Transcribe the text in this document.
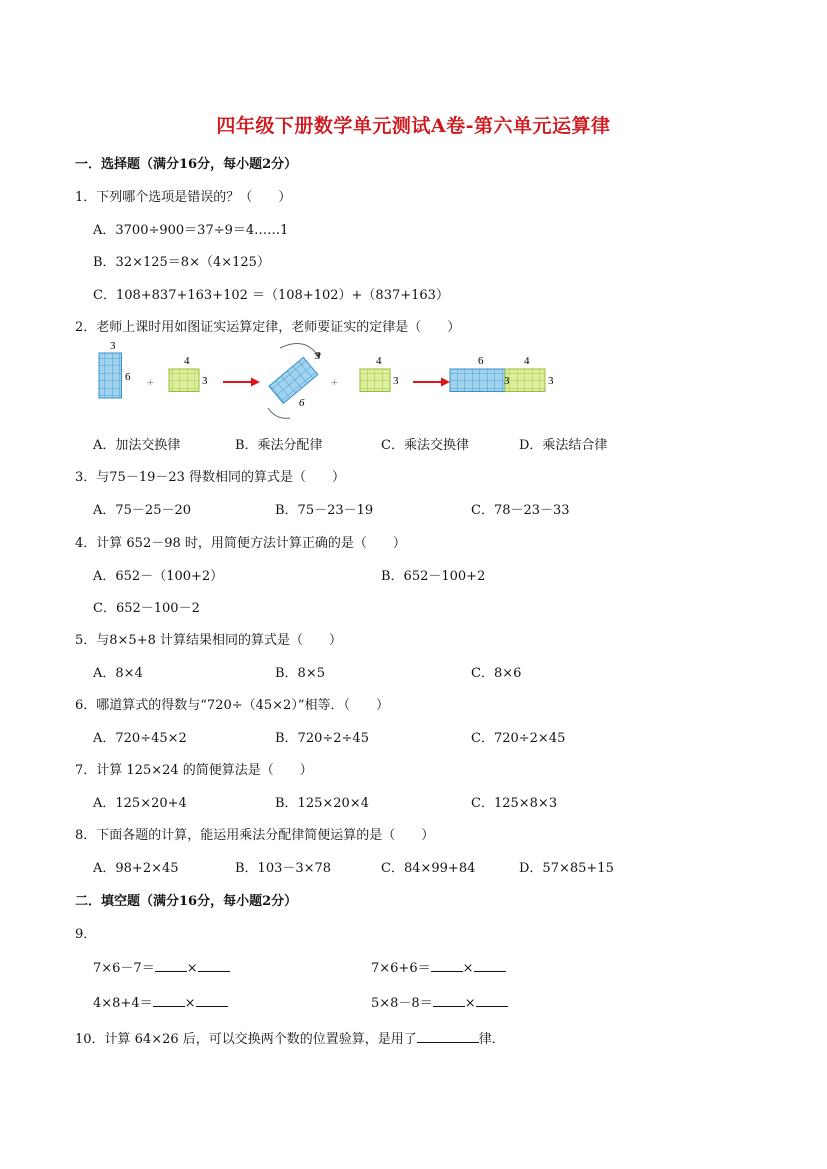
四年级下册数学单元测试A卷-第六单元运算律
一．选择题（满分16分，每小题2分）
1．下列哪个选项是错误的？（　　）
A．3700÷900＝37÷9＝4……1
B．32×125＝8×（4×125）
C．108+837+163+102 ＝（108+102）+（837+163）
2．老师上课时用如图证实运算定律，老师要证实的定律是（　　）
3
6 +
4
3
3
6
+
4
3
6	4
3	3
A．加法交换律	B．乘法分配律	C．乘法交换律	D．乘法结合律
3．与75－19－23 得数相同的算式是（　　）
A．75－25－20	B．75－23－19	C．78－23－33
4．计算 652－98 时，用简便方法计算正确的是（　　）
A．652－（100+2）	B．652－100+2
C．652－100－2
5．与8×5+8 计算结果相同的算式是（　　）
A．8×4	B．8×5	C．8×6
6．哪道算式的得数与“720÷（45×2）”相等．（　　）
A．720÷45×2	B．720÷2÷45	C．720÷2×45
7．计算 125×24 的简便算法是（　　）
A．125×20+4	B．125×20×4	C．125×8×3
8．下面各题的计算，能运用乘法分配律简便运算的是（　　）
A．98+2×45	B．103－3×78	C．84×99+84	D．57×85+15
二．填空题（满分16分，每小题2分）
9．
7×6－7＝ ×	7×6+6＝ ×
4×8+4＝ ×	5×8－8＝ ×
10．计算 64×26 后，可以交换两个数的位置验算，是用了	律．
